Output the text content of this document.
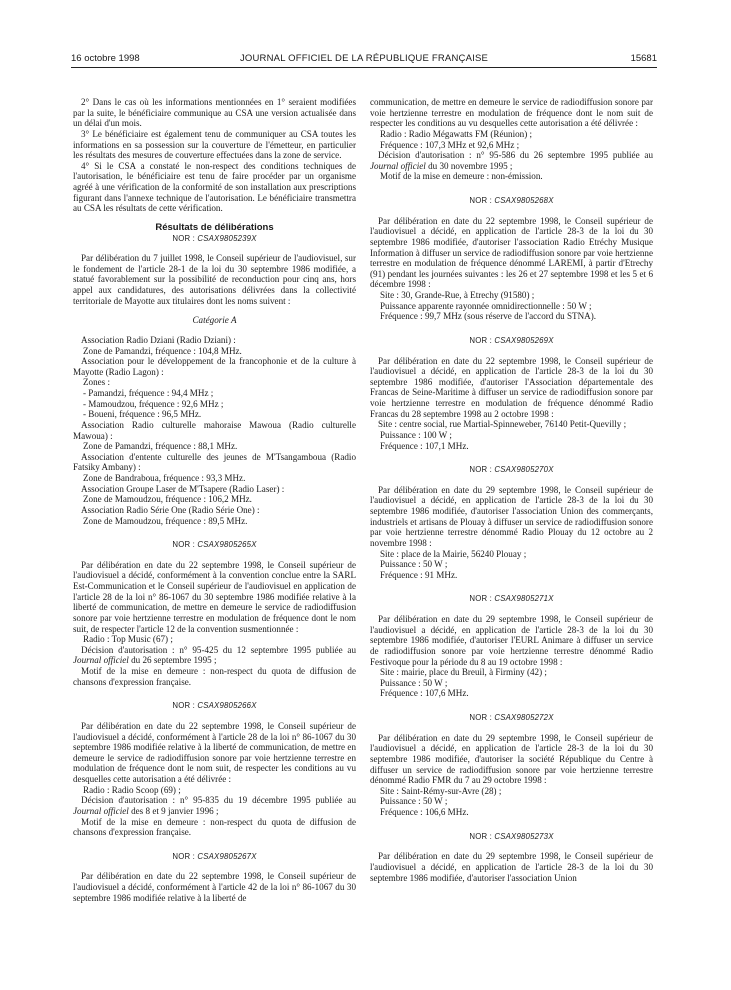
16 octobre 1998	JOURNAL OFFICIEL DE LA RÉPUBLIQUE FRANÇAISE	15681

2° Dans le cas où les informations mentionnées en 1° seraient modifiées par la suite, le bénéficiaire communique au CSA une version actualisée dans un délai d'un mois.

3° Le bénéficiaire est également tenu de communiquer au CSA toutes les informations en sa possession sur la couverture de l'émetteur, en particulier les résultats des mesures de couverture effectuées dans la zone de service.

4° Si le CSA a constaté le non-respect des conditions techniques de l'autorisation, le bénéficiaire est tenu de faire procéder par un organisme agréé à une vérification de la conformité de son installation aux prescriptions figurant dans l'annexe technique de l'autorisation. Le bénéficiaire transmettra au CSA les résultats de cette vérification.

Résultats de délibérations

NOR : CSAX9805239X

Par délibération du 7 juillet 1998, le Conseil supérieur de l'audiovisuel, sur le fondement de l'article 28-1 de la loi du 30 septembre 1986 modifiée, a statué favorablement sur la possibilité de reconduction pour cinq ans, hors appel aux candidatures, des autorisations délivrées dans la collectivité territoriale de Mayotte aux titulaires dont les noms suivent :

Catégorie A

Association Radio Dziani (Radio Dziani) :

Zone de Pamandzi, fréquence : 104,8 MHz.

Association pour le développement de la francophonie et de la culture à Mayotte (Radio Lagon) :

Zones :

- Pamandzi, fréquence : 94,4 MHz ;

- Mamoudzou, fréquence : 92,6 MHz ;

- Boueni, fréquence : 96,5 MHz.

Association Radio culturelle mahoraise Mawoua (Radio culturelle Mawoua) :

Zone de Pamandzi, fréquence : 88,1 MHz.

Association d'entente culturelle des jeunes de M'Tsangamboua (Radio Fatsiky Ambany) :

Zone de Bandraboua, fréquence : 93,3 MHz.

Association Groupe Laser de M'Tsapere (Radio Laser) :

Zone de Mamoudzou, fréquence : 106,2 MHz.

Association Radio Série One (Radio Série One) :

Zone de Mamoudzou, fréquence : 89,5 MHz.

NOR : CSAX9805265X

Par délibération en date du 22 septembre 1998, le Conseil supérieur de l'audiovisuel a décidé, conformément à la convention conclue entre la SARL Est-Communication et le Conseil supérieur de l'audiovisuel en application de l'article 28 de la loi n° 86-1067 du 30 septembre 1986 modifiée relative à la liberté de communication, de mettre en demeure le service de radiodiffusion sonore par voie hertzienne terrestre en modulation de fréquence dont le nom suit, de respecter l'article 12 de la convention susmentionnée :

Radio : Top Music (67) ;

Décision d'autorisation : n° 95-425 du 12 septembre 1995 publiée au Journal officiel du 26 septembre 1995 ;

Motif de la mise en demeure : non-respect du quota de diffusion de chansons d'expression française.

NOR : CSAX9805266X

Par délibération en date du 22 septembre 1998, le Conseil supérieur de l'audiovisuel a décidé, conformément à l'article 28 de la loi n° 86-1067 du 30 septembre 1986 modifiée relative à la liberté de communication, de mettre en demeure le service de radiodiffusion sonore par voie hertzienne terrestre en modulation de fréquence dont le nom suit, de respecter les conditions au vu desquelles cette autorisation a été délivrée :

Radio : Radio Scoop (69) ;

Décision d'autorisation : n° 95-835 du 19 décembre 1995 publiée au Journal officiel des 8 et 9 janvier 1996 ;

Motif de la mise en demeure : non-respect du quota de diffusion de chansons d'expression française.

NOR : CSAX9805267X

Par délibération en date du 22 septembre 1998, le Conseil supérieur de l'audiovisuel a décidé, conformément à l'article 42 de la loi n° 86-1067 du 30 septembre 1986 modifiée relative à la liberté de

communication, de mettre en demeure le service de radiodiffusion sonore par voie hertzienne terrestre en modulation de fréquence dont le nom suit de respecter les conditions au vu desquelles cette autorisation a été délivrée :

Radio : Radio Mégawatts FM (Réunion) ;

Fréquence : 107,3 MHz et 92,6 MHz ;

Décision d'autorisation : n° 95-586 du 26 septembre 1995 publiée au Journal officiel du 30 novembre 1995 ;

Motif de la mise en demeure : non-émission.

NOR : CSAX9805268X

Par délibération en date du 22 septembre 1998, le Conseil supérieur de l'audiovisuel a décidé, en application de l'article 28-3 de la loi du 30 septembre 1986 modifiée, d'autoriser l'association Radio Etréchy Musique Information à diffuser un service de radiodiffusion sonore par voie hertzienne terrestre en modulation de fréquence dénommé LAREMI, à partir d'Etrechy (91) pendant les journées suivantes : les 26 et 27 septembre 1998 et les 5 et 6 décembre 1998 :

Site : 30, Grande-Rue, à Etrechy (91580) ;

Puissance apparente rayonnée omnidirectionnelle : 50 W ;

Fréquence : 99,7 MHz (sous réserve de l'accord du STNA).

NOR : CSAX9805269X

Par délibération en date du 22 septembre 1998, le Conseil supérieur de l'audiovisuel a décidé, en application de l'article 28-3 de la loi du 30 septembre 1986 modifiée, d'autoriser l'Association départementale des Francas de Seine-Maritime à diffuser un service de radiodiffusion sonore par voie hertzienne terrestre en modulation de fréquence dénommé Radio Francas du 28 septembre 1998 au 2 octobre 1998 :

Site : centre social, rue Martial-Spinneweber, 76140 Petit-Quevilly ;

Puissance : 100 W ;

Fréquence : 107,1 MHz.

NOR : CSAX9805270X

Par délibération en date du 29 septembre 1998, le Conseil supérieur de l'audiovisuel a décidé, en application de l'article 28-3 de la loi du 30 septembre 1986 modifiée, d'autoriser l'association Union des commerçants, industriels et artisans de Plouay à diffuser un service de radiodiffusion sonore par voie hertzienne terrestre dénommé Radio Plouay du 12 octobre au 2 novembre 1998 :

Site : place de la Mairie, 56240 Plouay ;

Puissance : 50 W ;

Fréquence : 91 MHz.

NOR : CSAX9805271X

Par délibération en date du 29 septembre 1998, le Conseil supérieur de l'audiovisuel a décidé, en application de l'article 28-3 de la loi du 30 septembre 1986 modifiée, d'autoriser l'EURL Animare à diffuser un service de radiodiffusion sonore par voie hertzienne terrestre dénommé Radio Festivoque pour la période du 8 au 19 octobre 1998 :

Site : mairie, place du Breuil, à Firminy (42) ;

Puissance : 50 W ;

Fréquence : 107,6 MHz.

NOR : CSAX9805272X

Par délibération en date du 29 septembre 1998, le Conseil supérieur de l'audiovisuel a décidé, en application de l'article 28-3 de la loi du 30 septembre 1986 modifiée, d'autoriser la société République du Centre à diffuser un service de radiodiffusion sonore par voie hertzienne terrestre dénommé Radio FMR du 7 au 29 octobre 1998 :

Site : Saint-Rémy-sur-Avre (28) ;

Puissance : 50 W ;

Fréquence : 106,6 MHz.

NOR : CSAX9805273X

Par délibération en date du 29 septembre 1998, le Conseil supérieur de l'audiovisuel a décidé, en application de l'article 28-3 de la loi du 30 septembre 1986 modifiée, d'autoriser l'association Union
